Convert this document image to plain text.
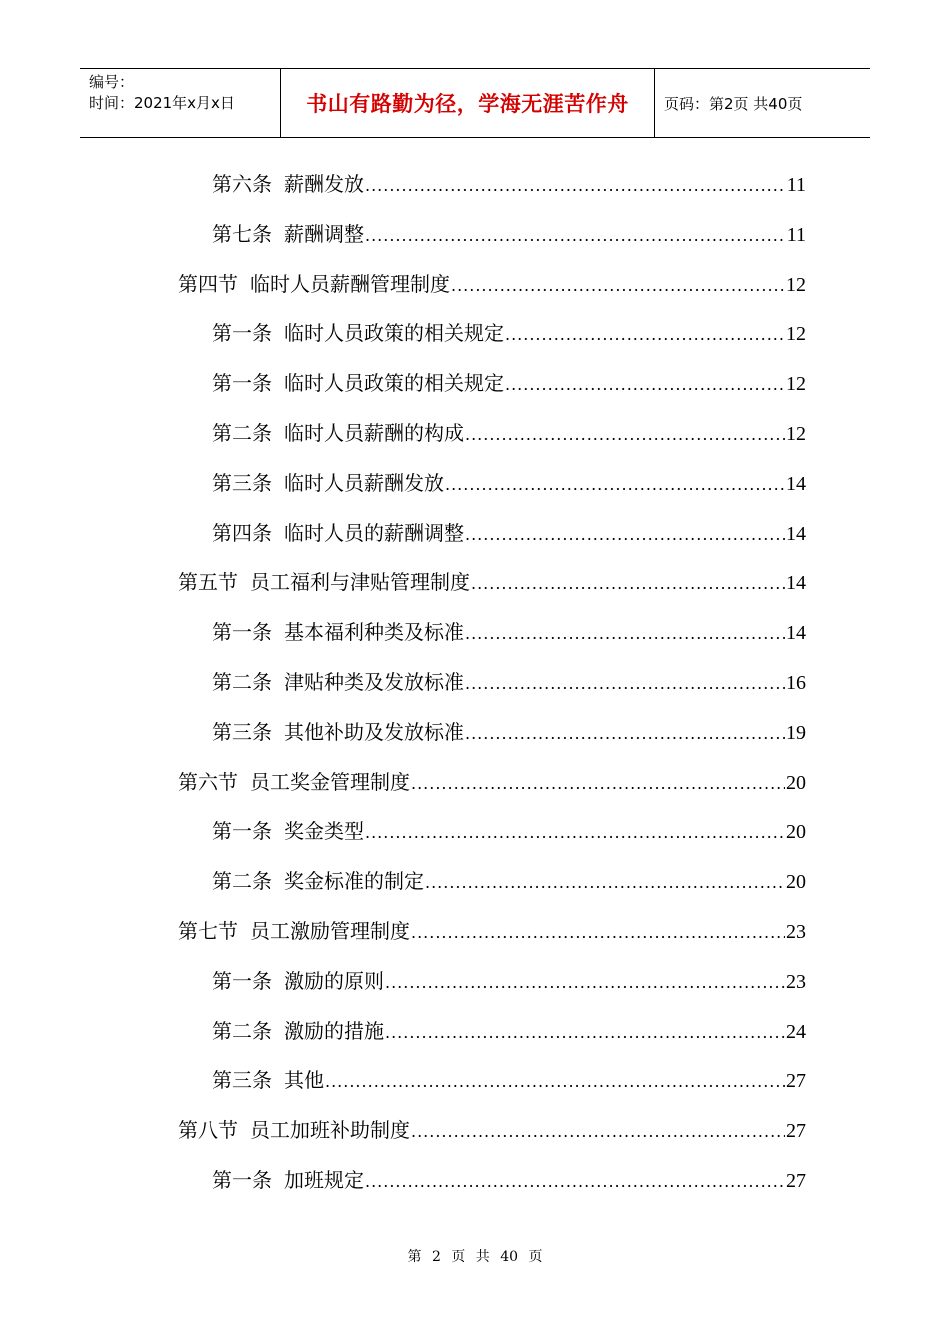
编号：
时间：2021年x月x日	书山有路勤为径，学海无涯苦作舟 页码：第2页 共40页
第六条 薪酬发放 .....	11
第七条 薪酬调整 .....	11
第四节 临时人员薪酬管理制度 .....	12
第一条 临时人员政策的相关规定 .....	12
第一条 临时人员政策的相关规定 .....	12
第二条 临时人员薪酬的构成 .....	12
第三条 临时人员薪酬发放 .....	14
第四条 临时人员的薪酬调整 .....	14
第五节 员工福利与津贴管理制度 .....	14
第一条 基本福利种类及标准 .....	14
第二条 津贴种类及发放标准 .....	16
第三条 其他补助及发放标准 .....	19
第六节 员工奖金管理制度 .....	20
第一条 奖金类型 .....	20
第二条 奖金标准的制定 .....	20
第七节 员工激励管理制度 .....	23
第一条 激励的原则 .....	23
第二条 激励的措施 .....	24
第三条 其他 .....	27
第八节 员工加班补助制度 .....	27
第一条 加班规定 .....	27
第 2 页 共 40 页
